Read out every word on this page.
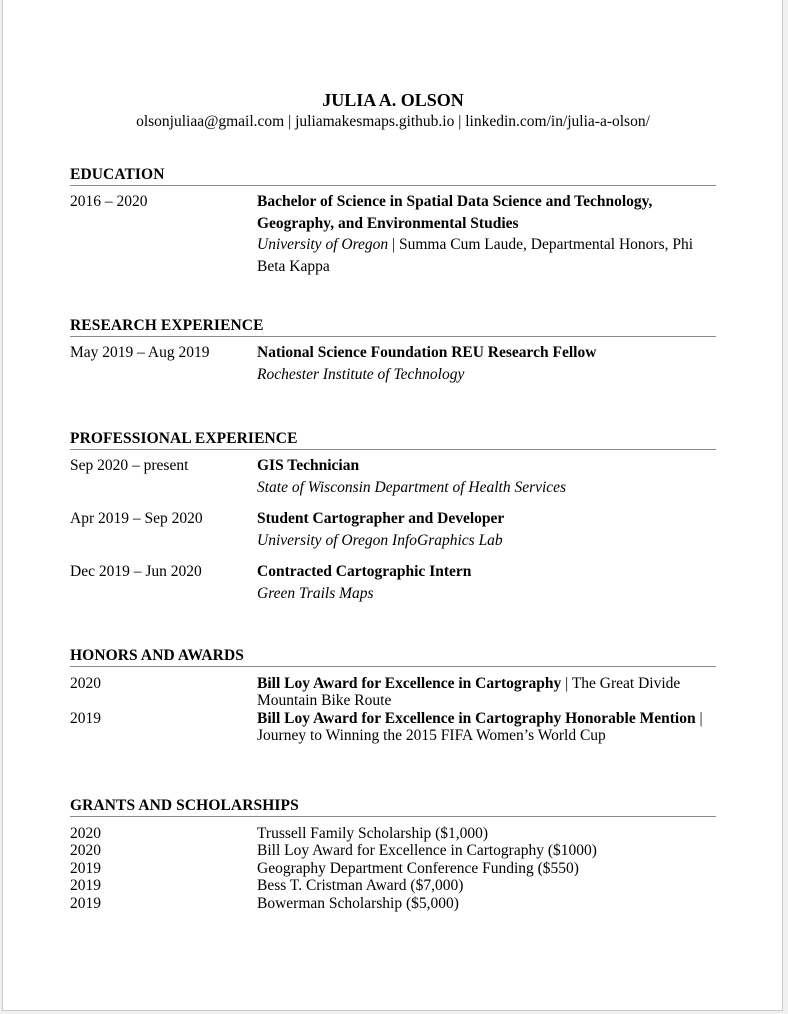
JULIA A. OLSON
olsonjuliaa@gmail.com | juliamakesmaps.github.io | linkedin.com/in/julia-a-olson/
EDUCATION
2016 – 2020	Bachelor of Science in Spatial Data Science and Technology,
Geography, and Environmental Studies
University of Oregon | Summa Cum Laude, Departmental Honors, Phi
Beta Kappa
RESEARCH EXPERIENCE
May 2019 – Aug 2019	National Science Foundation REU Research Fellow
Rochester Institute of Technology
PROFESSIONAL EXPERIENCE
Sep 2020 – present	GIS Technician
State of Wisconsin Department of Health Services
Apr 2019 – Sep 2020	Student Cartographer and Developer
University of Oregon InfoGraphics Lab
Dec 2019 – Jun 2020	Contracted Cartographic Intern
Green Trails Maps
HONORS AND AWARDS
2020	Bill Loy Award for Excellence in Cartography | The Great Divide
Mountain Bike Route
2019	Bill Loy Award for Excellence in Cartography Honorable Mention |
Journey to Winning the 2015 FIFA Women’s World Cup
GRANTS AND SCHOLARSHIPS
2020	Trussell Family Scholarship ($1,000)
2020	Bill Loy Award for Excellence in Cartography ($1000)
2019	Geography Department Conference Funding ($550)
2019	Bess T. Cristman Award ($7,000)
2019	Bowerman Scholarship ($5,000)
